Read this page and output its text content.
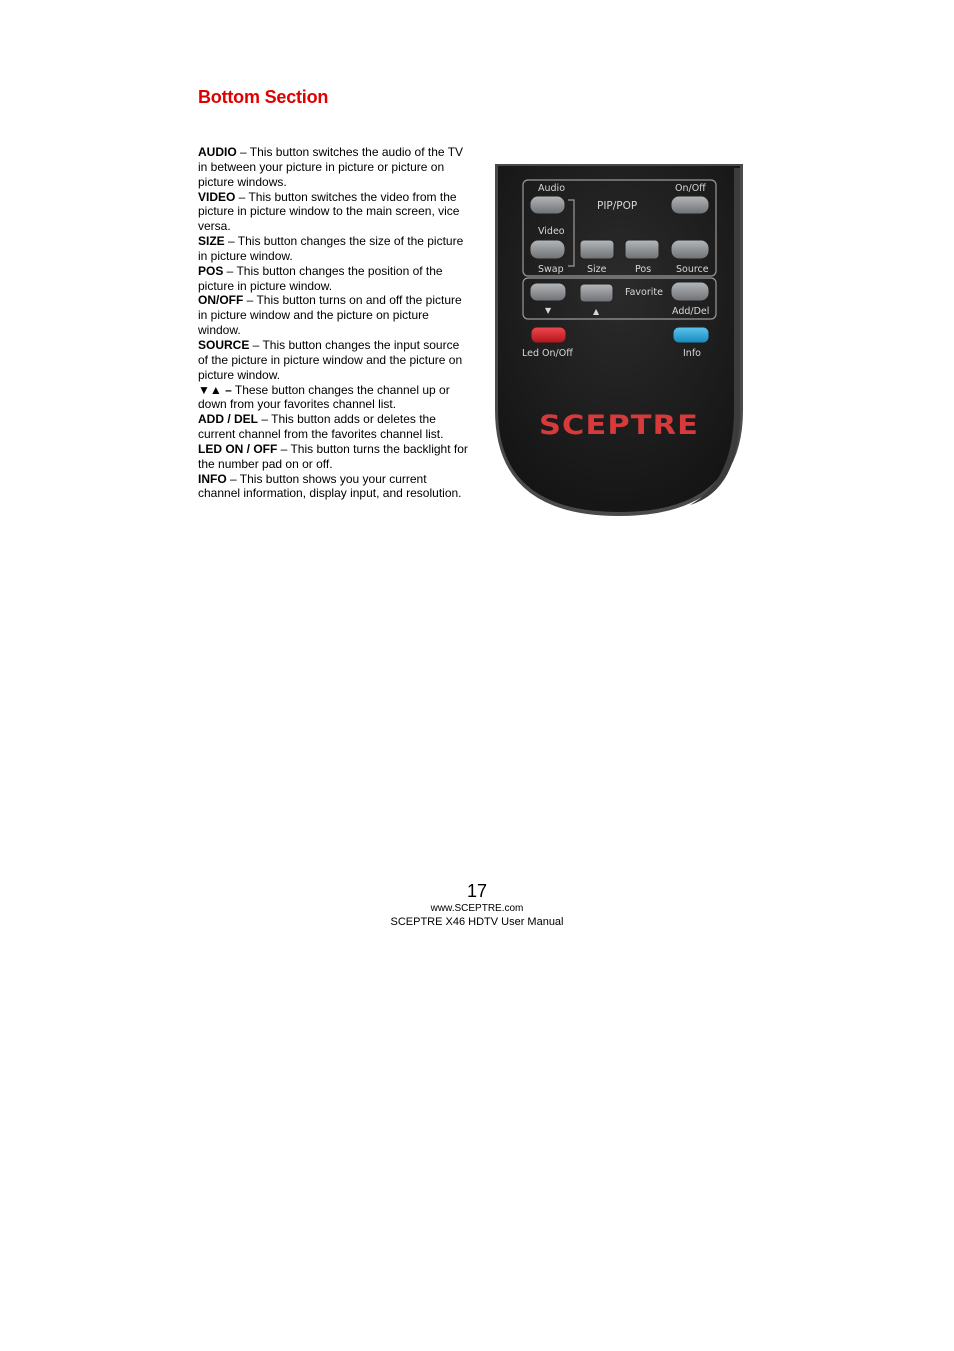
Bottom Section

AUDIO – This button switches the audio of the TV in between your picture in picture or picture on picture windows.

VIDEO – This button switches the video from the picture in picture window to the main screen, vice versa.

SIZE – This button changes the size of the picture in picture window.

POS – This button changes the position of the picture in picture window.

ON/OFF – This button turns on and off the picture in picture window and the picture on picture window.

SOURCE – This button changes the input source of the picture in picture window and the picture on picture window.

▼▲ – These button changes the channel up or down from your favorites channel list.

ADD / DEL – This button adds or deletes the current channel from the favorites channel list.

LED ON / OFF – This button turns the backlight for the number pad on or off.

INFO – This button shows you your current channel information, display input, and resolution.

Audio
PIP/POP
On/Off
Video
Swap Size	Pos	Source
Favorite
▼	▲	Add/Del
Led On/Off	Info
SCEPTRE
17
www.SCEPTRE.com
SCEPTRE X46 HDTV User Manual
